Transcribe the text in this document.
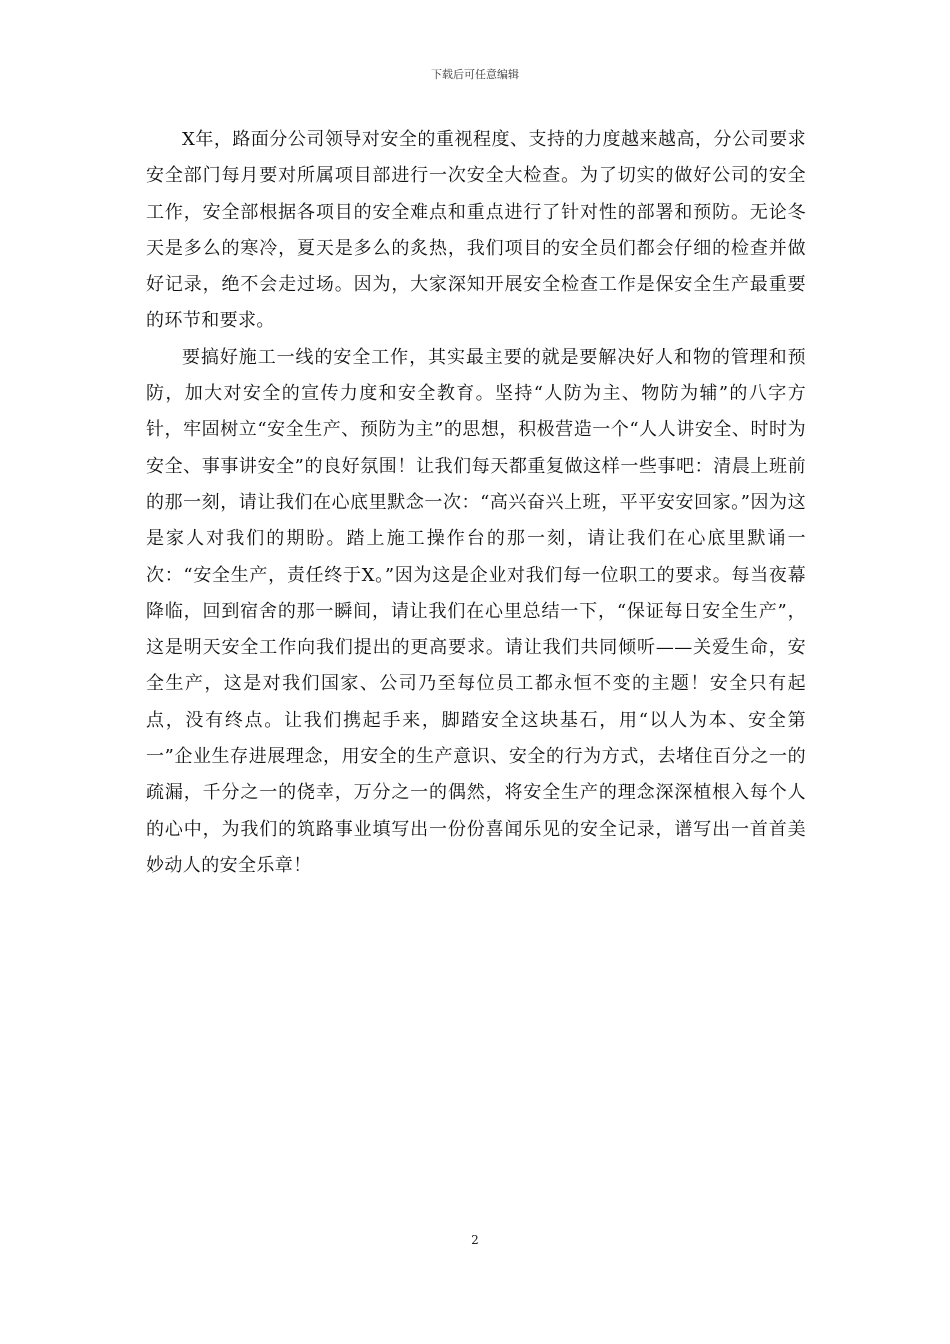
下载后可任意编辑

X年，路面分公司领导对安全的重视程度、支持的力度越来越高，分公司要求安全部门每月要对所属项目部进行一次安全大检查。为了切实的做好公司的安全工作，安全部根据各项目的安全难点和重点进行了针对性的部署和预防。无论冬天是多么的寒冷，夏天是多么的炙热，我们项目的安全员们都会仔细的检查并做好记录，绝不会走过场。因为，大家深知开展安全检查工作是保安全生产最重要的环节和要求。

要搞好施工一线的安全工作，其实最主要的就是要解决好人和物的管理和预防，加大对安全的宣传力度和安全教育。坚持“人防为主、物防为辅”的八字方针，牢固树立“安全生产、预防为主”的思想，积极营造一个“人人讲安全、时时为安全、事事讲安全”的良好氛围！让我们每天都重复做这样一些事吧：清晨上班前的那一刻，请让我们在心底里默念一次：“高兴奋兴上班，平平安安回家。”因为这是家人对我们的期盼。踏上施工操作台的那一刻，请让我们在心底里默诵一次：“安全生产，责任终于X。”因为这是企业对我们每一位职工的要求。每当夜幕降临，回到宿舍的那一瞬间，请让我们在心里总结一下，“保证每日安全生产”，这是明天安全工作向我们提出的更高要求。请让我们共同倾听——关爱生命，安全生产，这是对我们国家、公司乃至每位员工都永恒不变的主题！安全只有起点，没有终点。让我们携起手来，脚踏安全这块基石，用“以人为本、安全第一”企业生存进展理念，用安全的生产意识、安全的行为方式，去堵住百分之一的疏漏，千分之一的侥幸，万分之一的偶然，将安全生产的理念深深植根入每个人的心中，为我们的筑路事业填写出一份份喜闻乐见的安全记录，谱写出一首首美妙动人的安全乐章！

2
